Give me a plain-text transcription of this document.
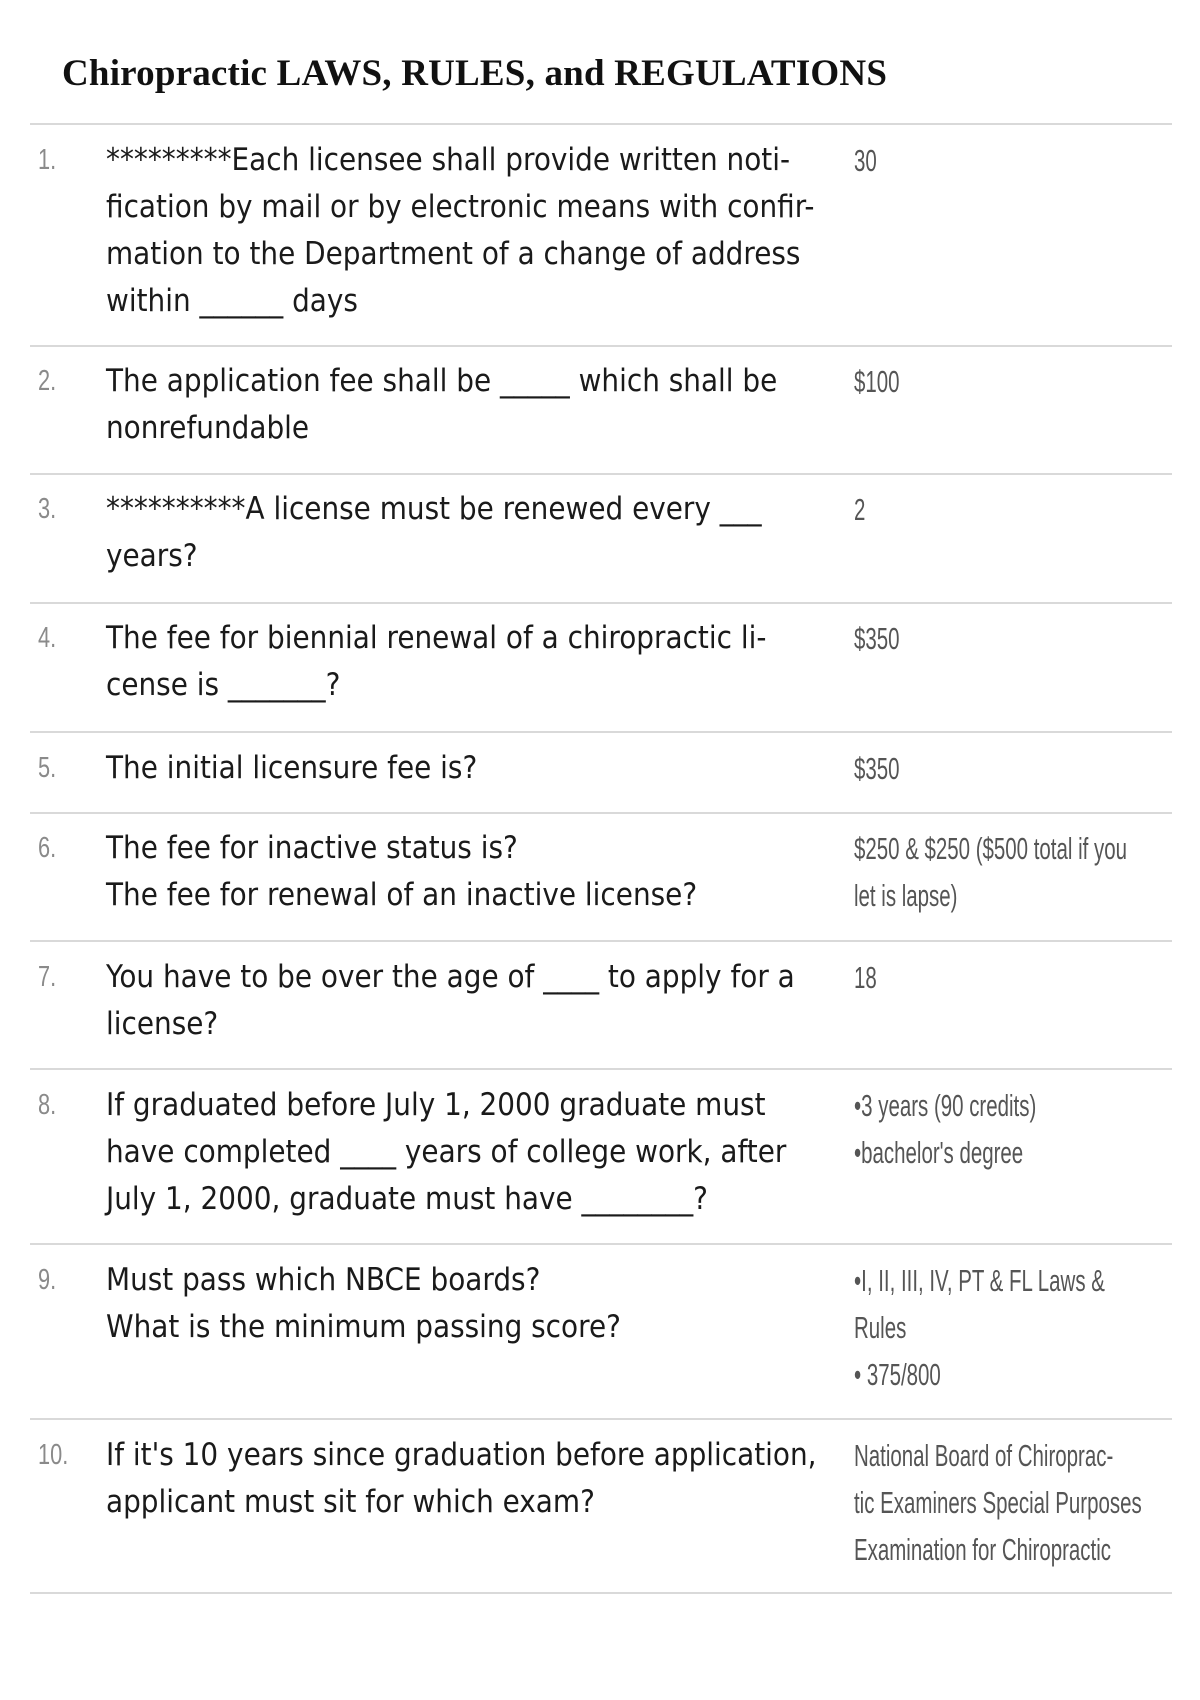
Chiropractic LAWS, RULES, and REGULATIONS
1. *********Each licensee shall provide written noti-
fication by mail or by electronic means with confir-
mation to the Department of a change of address
within ______ days
30
2. The application fee shall be _____ which shall be
nonrefundable
$100
3. **********A license must be renewed every ___
years?
2
4. The fee for biennial renewal of a chiropractic li-
cense is _______?
$350
5. The initial licensure fee is?	$350
6. The fee for inactive status is?
The fee for renewal of an inactive license?
$250 & $250 ($500 total if you
let is lapse)
7. You have to be over the age of ____ to apply for a
license?
18
8. If graduated before July 1, 2000 graduate must
have completed ____ years of college work, after
July 1, 2000, graduate must have ________?
•3 years (90 credits)
•bachelor's degree
9. Must pass which NBCE boards?
What is the minimum passing score?
•I, II, III, IV, PT & FL Laws &
Rules
• 375/800
10. If it's 10 years since graduation before application,
applicant must sit for which exam?
National Board of Chiroprac-
tic Examiners Special Purposes
Examination for Chiropractic
